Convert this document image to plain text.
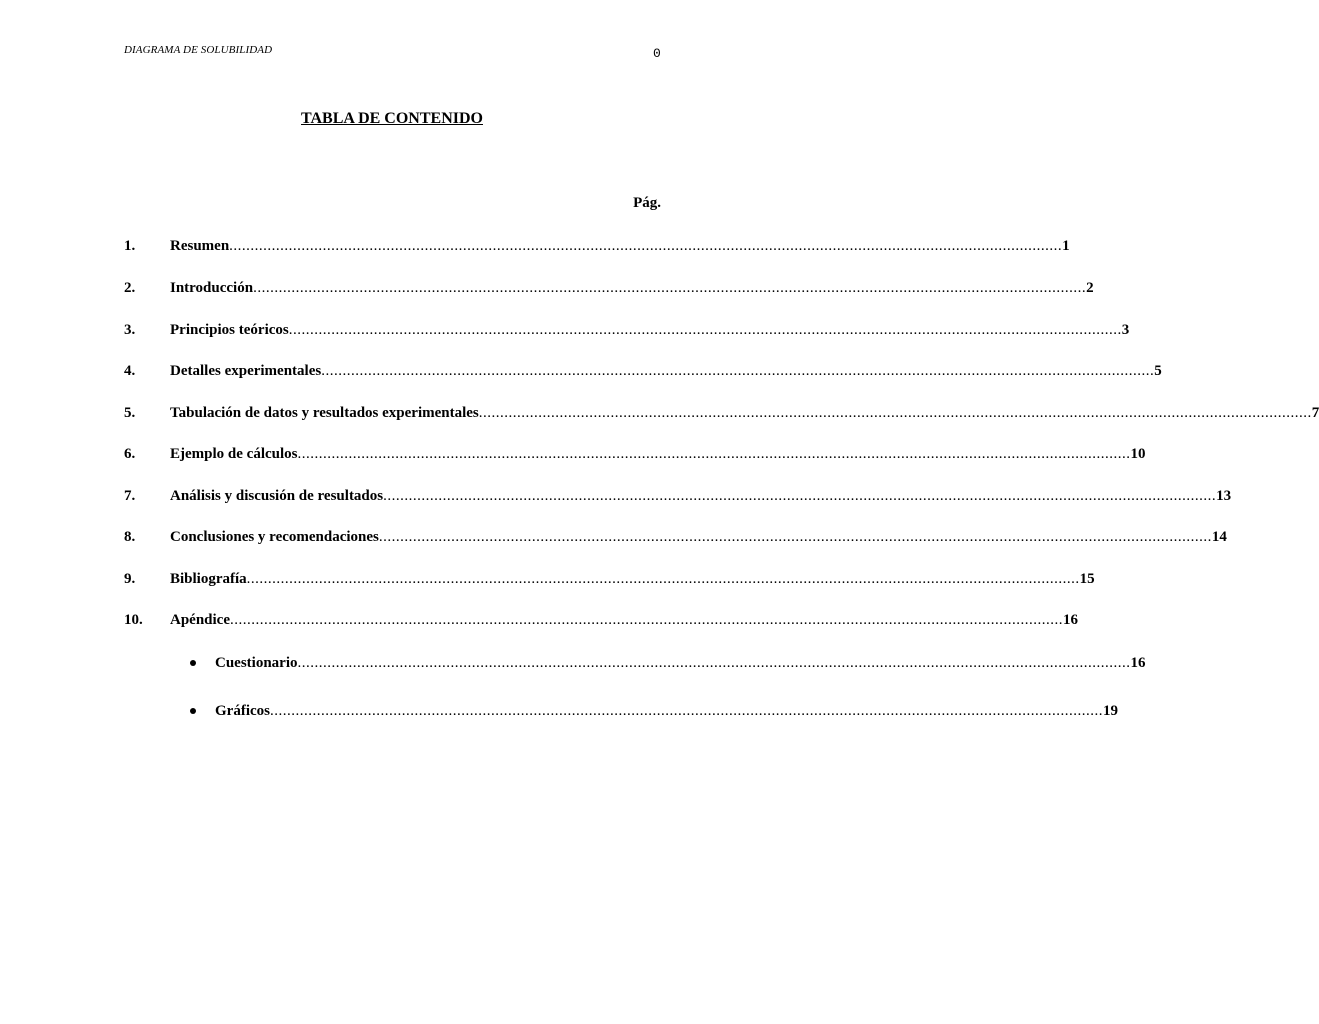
DIAGRAMA DE SOLUBILIDAD	0
TABLA DE CONTENIDO
Pág.
1. Resumen .................................................................................................................................................................................................... 1
2. Introducción .................................................................................................................................................................................................... 2
3. Principios teóricos .................................................................................................................................................................................................... 3
4. Detalles experimentales .................................................................................................................................................................................................... 5
5. Tabulación de datos y resultados experimentales .................................................................................................................................................................................................... 7
6. Ejemplo de cálculos .................................................................................................................................................................................................... 10
7. Análisis y discusión de resultados .................................................................................................................................................................................................... 13
8. Conclusiones y recomendaciones .................................................................................................................................................................................................... 14
9. Bibliografía .................................................................................................................................................................................................... 15
10. Apéndice .................................................................................................................................................................................................... 16
Cuestionario .................................................................................................................................................................................................... 16
Gráficos .................................................................................................................................................................................................... 19
